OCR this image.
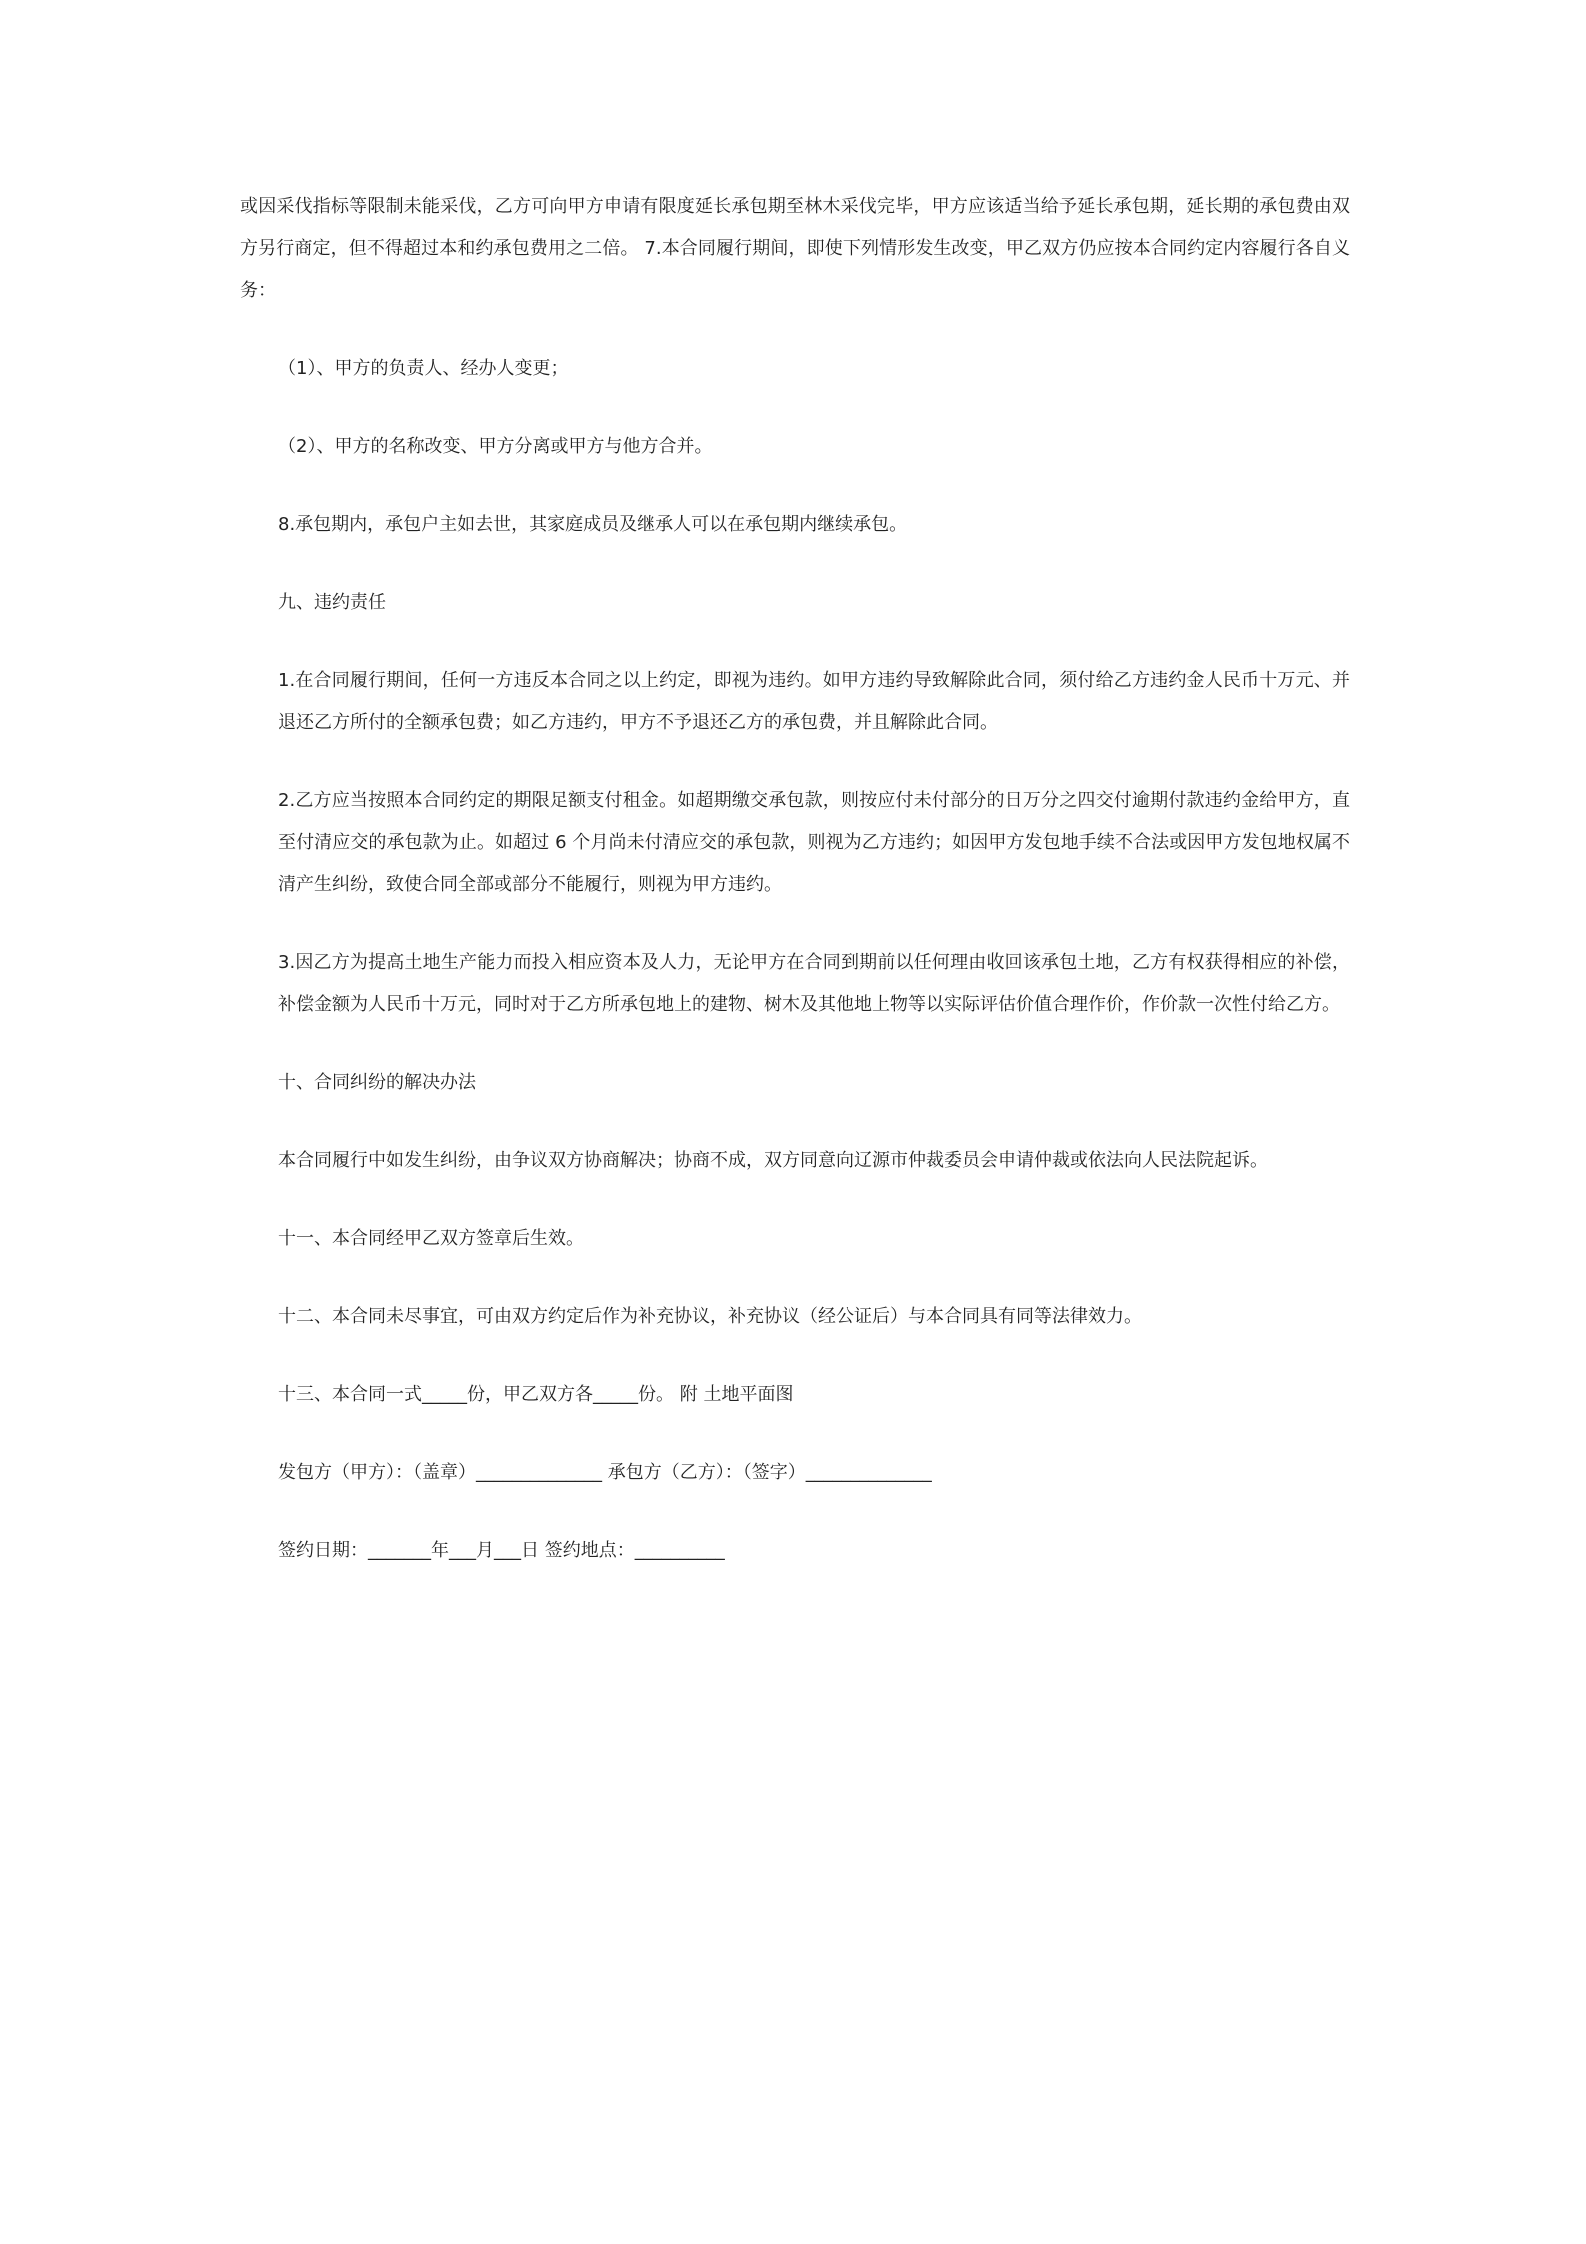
或因采伐指标等限制未能采伐，乙方可向甲方申请有限度延长承包期至林木采伐完毕，甲方应该适当给予延长承包期，延长期的承包费由双方另行商定，但不得超过本和约承包费用之二倍。 7.本合同履行期间，即使下列情形发生改变，甲乙双方仍应按本合同约定内容履行各自义务：

（1）、甲方的负责人、经办人变更；

（2）、甲方的名称改变、甲方分离或甲方与他方合并。

8.承包期内，承包户主如去世，其家庭成员及继承人可以在承包期内继续承包。

九、违约责任

1.在合同履行期间，任何一方违反本合同之以上约定，即视为违约。如甲方违约导致解除此合同，须付给乙方违约金人民币十万元、并退还乙方所付的全额承包费；如乙方违约，甲方不予退还乙方的承包费，并且解除此合同。

2.乙方应当按照本合同约定的期限足额支付租金。如超期缴交承包款，则按应付未付部分的日万分之四交付逾期付款违约金给甲方，直至付清应交的承包款为止。如超过 6 个月尚未付清应交的承包款，则视为乙方违约；如因甲方发包地手续不合法或因甲方发包地权属不清产生纠纷，致使合同全部或部分不能履行，则视为甲方违约。

3.因乙方为提高土地生产能力而投入相应资本及人力，无论甲方在合同到期前以任何理由收回该承包土地，乙方有权获得相应的补偿，补偿金额为人民币十万元，同时对于乙方所承包地上的建物、树木及其他地上物等以实际评估价值合理作价，作价款一次性付给乙方。

十、合同纠纷的解决办法

本合同履行中如发生纠纷，由争议双方协商解决；协商不成，双方同意向辽源市仲裁委员会申请仲裁或依法向人民法院起诉。

十一、本合同经甲乙双方签章后生效。

十二、本合同未尽事宜，可由双方约定后作为补充协议，补充协议（经公证后）与本合同具有同等法律效力。

十三、本合同一式_____份，甲乙双方各_____份。 附 土地平面图

发包方（甲方）：（盖章）______________ 承包方（乙方）：（签字）______________

签约日期：_______年___月___日 签约地点：__________
